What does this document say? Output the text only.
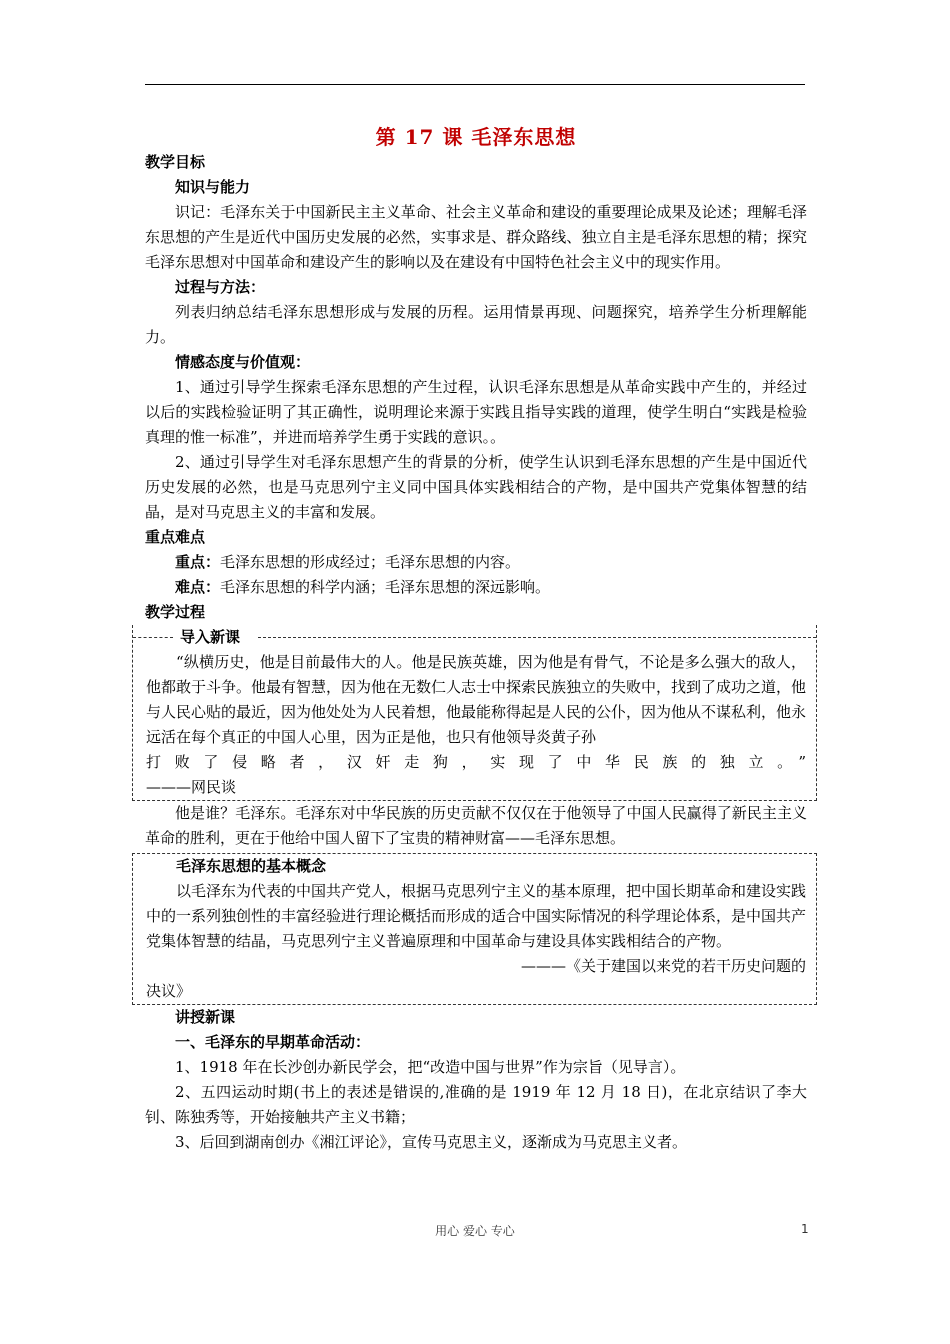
第 17 课 毛泽东思想
教学目标
知识与能力

识记：毛泽东关于中国新民主主义革命、社会主义革命和建设的重要理论成果及论述；理解毛泽东思想的产生是近代中国历史发展的必然，实事求是、群众路线、独立自主是毛泽东思想的精；探究毛泽东思想对中国革命和建设产生的影响以及在建设有中国特色社会主义中的现实作用。

过程与方法：

列表归纳总结毛泽东思想形成与发展的历程。运用情景再现、问题探究，培养学生分析理解能力。

情感态度与价值观：

1、通过引导学生探索毛泽东思想的产生过程，认识毛泽东思想是从革命实践中产生的，并经过以后的实践检验证明了其正确性，说明理论来源于实践且指导实践的道理，使学生明白“实践是检验真理的惟一标准”，并进而培养学生勇于实践的意识。。

2、通过引导学生对毛泽东思想产生的背景的分析，使学生认识到毛泽东思想的产生是中国近代历史发展的必然，也是马克思列宁主义同中国具体实践相结合的产物，是中国共产党集体智慧的结晶，是对马克思主义的丰富和发展。

重点难点

重点：毛泽东思想的形成经过；毛泽东思想的内容。

难点：毛泽东思想的科学内涵；毛泽东思想的深远影响。

教学过程
导入新课

“纵横历史，他是目前最伟大的人。他是民族英雄，因为他是有骨气，不论是多么强大的敌人，他都敢于斗争。他最有智慧，因为他在无数仁人志士中探索民族独立的失败中，找到了成功之道，他与人民心贴的最近，因为他处处为人民着想，他最能称得起是人民的公仆，因为他从不谋私利，他永远活在每个真正的中国人心里，因为正是他，也只有他领导炎黄子孙

打败了侵略者，汉奸走狗，实现了中华民族的独立。”

———网民谈

他是谁？毛泽东。毛泽东对中华民族的历史贡献不仅仅在于他领导了中国人民赢得了新民主主义革命的胜利，更在于他给中国人留下了宝贵的精神财富——毛泽东思想。

毛泽东思想的基本概念

以毛泽东为代表的中国共产党人，根据马克思列宁主义的基本原理，把中国长期革命和建设实践中的一系列独创性的丰富经验进行理论概括而形成的适合中国实际情况的科学理论体系，是中国共产党集体智慧的结晶，马克思列宁主义普遍原理和中国革命与建设具体实践相结合的产物。

———《关于建国以来党的若干历史问题的

决议》

讲授新课
一、毛泽东的早期革命活动：

1、1918 年在长沙创办新民学会，把“改造中国与世界”作为宗旨（见导言）。

2、五四运动时期(书上的表述是错误的,准确的是 1919 年 12 月 18 日)，在北京结识了李大钊、陈独秀等，开始接触共产主义书籍；

3、后回到湖南创办《湘江评论》，宣传马克思主义，逐渐成为马克思主义者。

用心 爱心 专心	1
